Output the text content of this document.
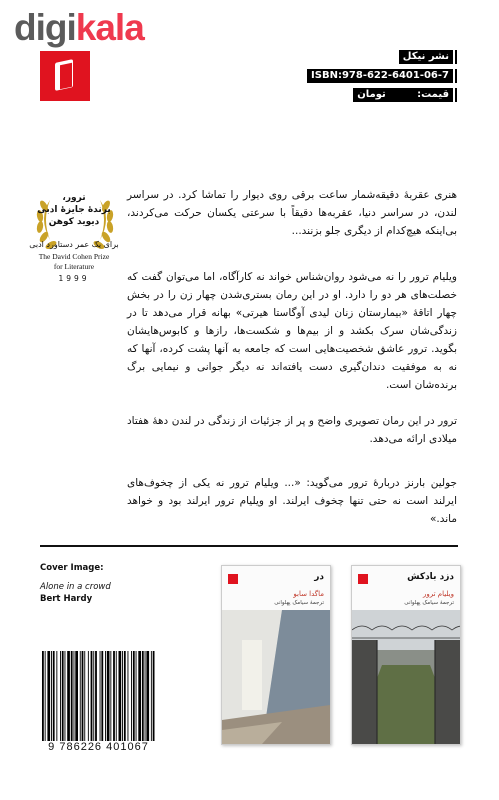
digikala
نشر نیکل
ISBN:978-622-6401-06-7
قیمت:         تومان
ترور،
برندۀ جایزۀ ادبی
دیوید کوهن
برای یک عمر دستاورد ادبی
The David Cohen Prize
for Literature
1999
هنری عقربۀ دقیقه‌شمار ساعت برقی روی دیوار را تماشا کرد. در سراسر لندن، در سراسر دنیا، عقربه‌ها دقیقاً با سرعتی یکسان حرکت می‌کردند، بی‌اینکه هیچ‌کدام از دیگری جلو بزنند...
ویلیام ترور را نه می‌شود روان‌شناس خواند نه کارآگاه، اما می‌توان گفت که خصلت‌های هر دو را دارد. او در این رمان بستری‌شدن چهار زن را در بخش چهار اتاقۀ «بیمارستان زنان لیدی آوگاستا هیرتی» بهانه قرار می‌دهد تا در زندگی‌شان سرک بکشد و از بیم‌ها و شکست‌ها، رازها و کابوس‌هایشان بگوید. ترور عاشق شخصیت‌هایی است که جامعه به آنها پشت کرده، آنها که نه به موفقیت دندان‌گیری دست یافته‌اند نه دیگر جوانی و نیمایی برگ برنده‌شان است.
ترور در این رمان تصویری واضح و پر از جزئیات از زندگی در لندن دهۀ هفتاد میلادی ارائه می‌دهد.
جولین بارنز دربارۀ ترور می‌گوید: «... ویلیام ترور نه یکی از چخوف‌های ایرلند است نه حتی تنها چخوف ایرلند. او ویلیام ترور ایرلند بود و خواهد ماند.»
Cover Image:
Alone in a crowd
Bert Hardy
9 786226 401067
در
ماگدا سابو
ترجمهٔ سیامک پهلوانی
دزد بادکش
ویلیام ترور
ترجمهٔ سیامک پهلوانی
